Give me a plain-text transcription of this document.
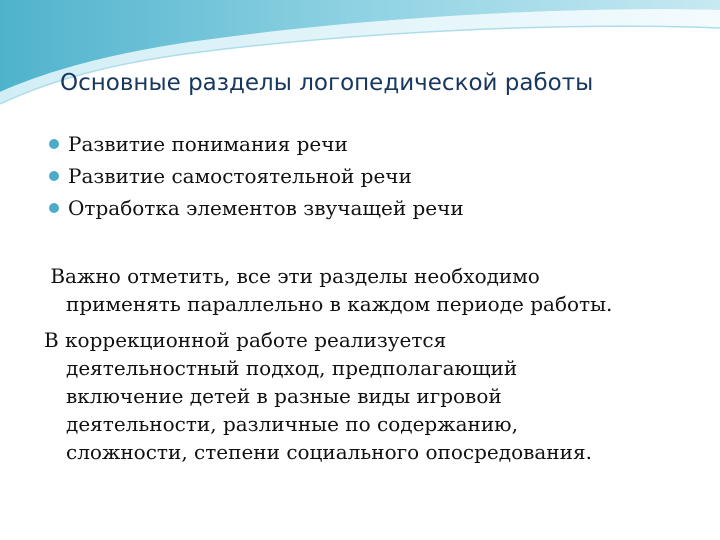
Основные разделы логопедической работы
Развитие понимания речи
Развитие самостоятельной речи
Отработка элементов звучащей речи
Важно отметить, все эти разделы необходимо
применять параллельно в каждом периоде работы.
В коррекционной работе реализуется
деятельностный подход, предполагающий
включение детей в разные виды игровой
деятельности, различные по содержанию,
сложности, степени социального опосредования.
